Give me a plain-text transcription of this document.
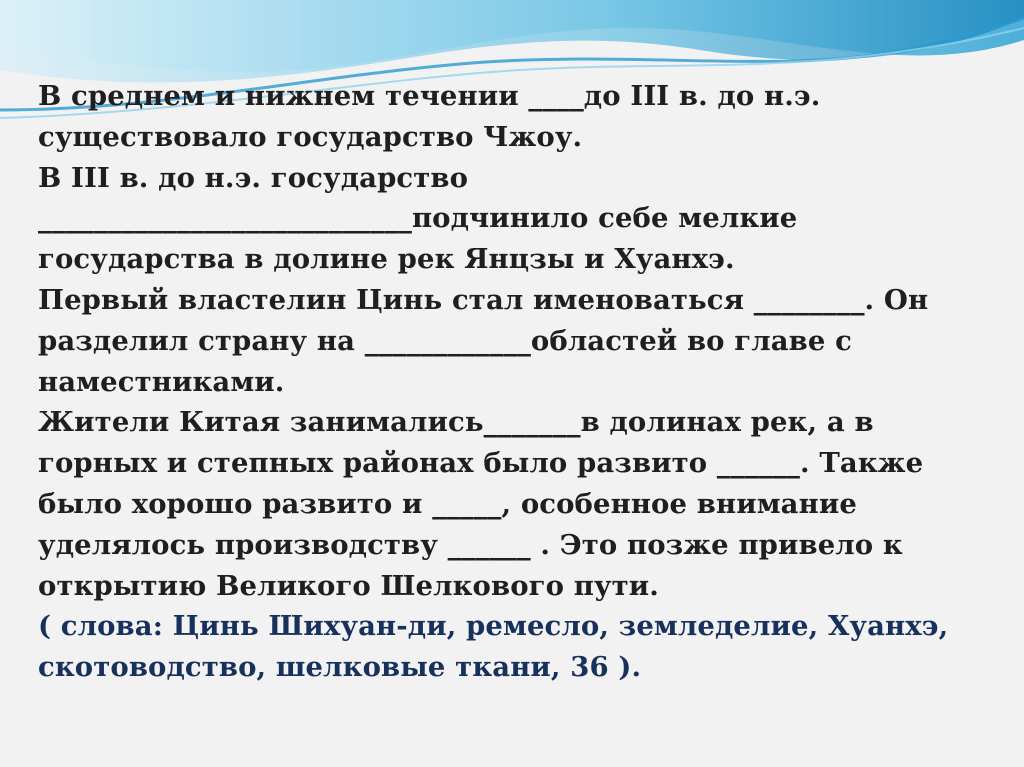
В среднем и нижнем течении ____до III в. до н.э.
существовало государство Чжоу.
В III в. до н.э. государство
___________________________подчинило себе мелкие
государства в долине рек Янцзы и Хуанхэ.
Первый властелин Цинь стал именоваться ________. Он
разделил страну на ____________областей во главе с
наместниками.
Жители Китая занимались_______в долинах рек, а в
горных и степных районах было развито ______. Также
было хорошо развито и _____, особенное внимание
уделялось производству ______ . Это позже привело к
открытию Великого Шелкового пути.
( слова: Цинь Шихуан-ди, ремесло, земледелие, Хуанхэ,
скотоводство, шелковые ткани, 36 ).
